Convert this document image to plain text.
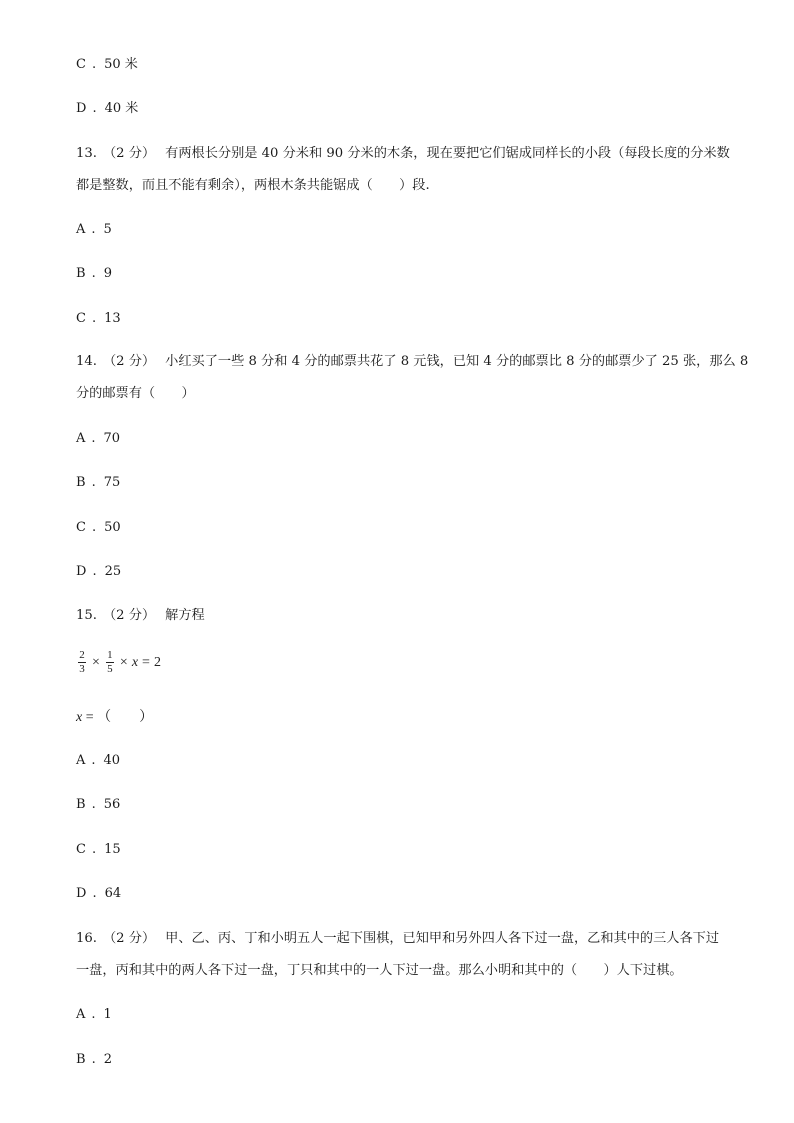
C . 50 米
D . 40 米
13. （2 分） 有两根长分别是 40 分米和 90 分米的木条，现在要把它们锯成同样长的小段（每段长度的分米数
都是整数，而且不能有剩余），两根木条共能锯成（　　）段.
A . 5
B . 9
C . 13
14. （2 分） 小红买了一些 8 分和 4 分的邮票共花了 8 元钱，已知 4 分的邮票比 8 分的邮票少了 25 张，那么 8
分的邮票有（　　）
A . 70
B . 75
C . 50
D . 25
15. （2 分） 解方程
$\frac{2}{3} \times \frac{1}{5} \times x = 2$
x = （　　）
A . 40
B . 56
C . 15
D . 64
16. （2 分） 甲、乙、丙、丁和小明五人一起下围棋，已知甲和另外四人各下过一盘，乙和其中的三人各下过
一盘，丙和其中的两人各下过一盘，丁只和其中的一人下过一盘。那么小明和其中的（　　）人下过棋。
A . 1
B . 2
